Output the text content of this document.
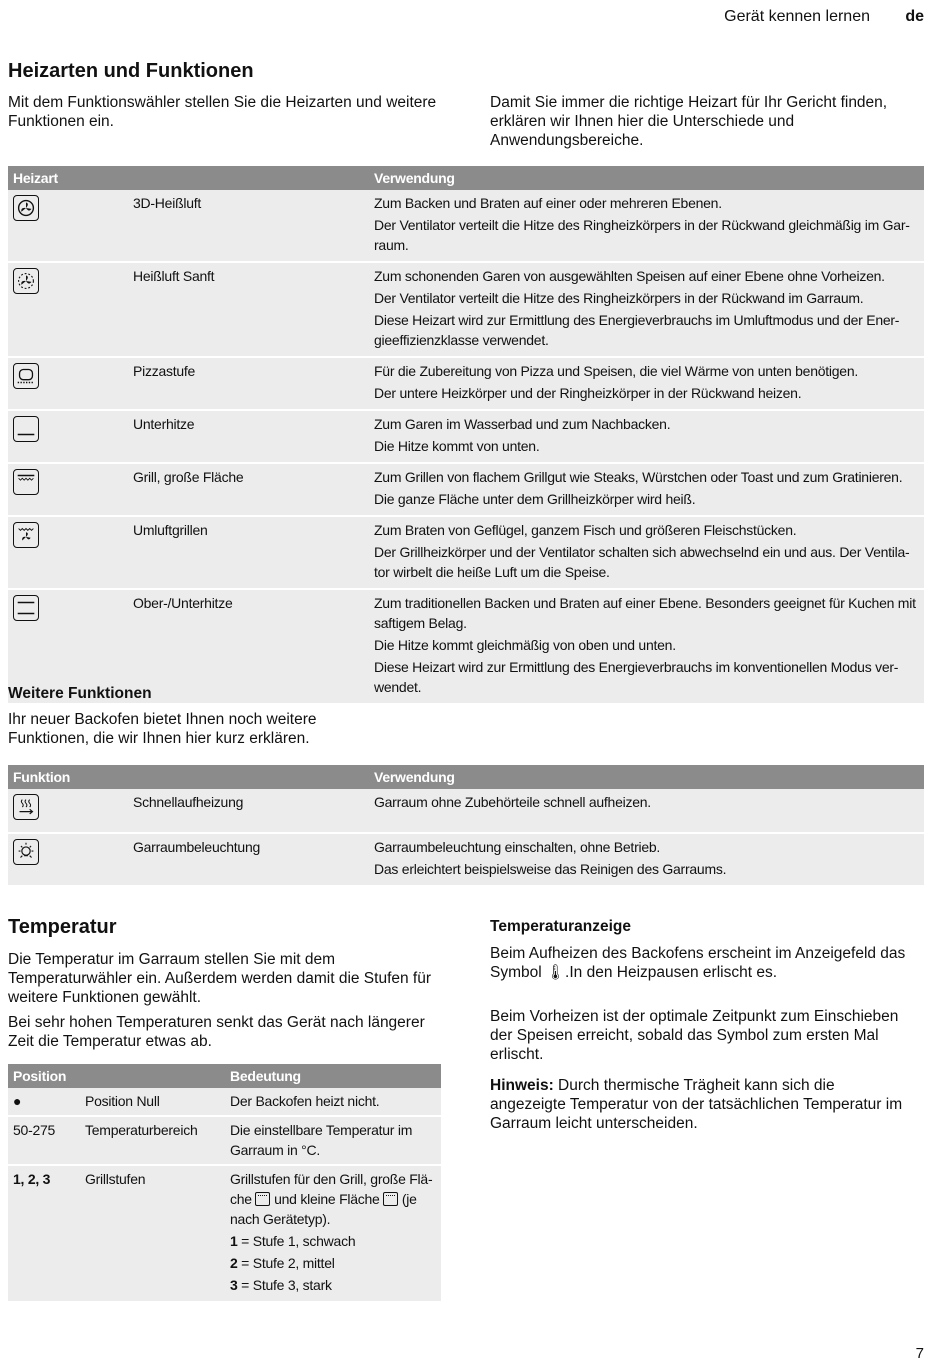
Gerät kennen lernen de
Heizarten und Funktionen

Mit dem Funktionswähler stellen Sie die Heizarten und weitere Funktionen ein.

Damit Sie immer die richtige Heizart für Ihr Gericht finden, erklären wir Ihnen hier die Unterschiede und Anwendungsbereiche.

Heizart		Verwendung

	3D-Heißluft	Zum Backen und Braten auf einer oder mehreren Ebenen.
Der Ventilator verteilt die Hitze des Ringheizkörpers in der Rückwand gleichmäßig im Gar-raum.

	Heißluft Sanft	Zum schonenden Garen von ausgewählten Speisen auf einer Ebene ohne Vorheizen.
Der Ventilator verteilt die Hitze des Ringheizkörpers in der Rückwand im Garraum.
Diese Heizart wird zur Ermittlung des Energieverbrauchs im Umluftmodus und der Ener-gieeffizienzklasse verwendet.

	Pizzastufe	Für die Zubereitung von Pizza und Speisen, die viel Wärme von unten benötigen.
Der untere Heizkörper und der Ringheizkörper in der Rückwand heizen.

	Unterhitze	Zum Garen im Wasserbad und zum Nachbacken.
Die Hitze kommt von unten.

	Grill, große Fläche	Zum Grillen von flachem Grillgut wie Steaks, Würstchen oder Toast und zum Gratinieren.
Die ganze Fläche unter dem Grillheizkörper wird heiß.

	Umluftgrillen	Zum Braten von Geflügel, ganzem Fisch und größeren Fleischstücken.
Der Grillheizkörper und der Ventilator schalten sich abwechselnd ein und aus. Der Ventila-tor wirbelt die heiße Luft um die Speise.

	Ober-/Unterhitze	Zum traditionellen Backen und Braten auf einer Ebene. Besonders geeignet für Kuchen mit saftigem Belag.
Die Hitze kommt gleichmäßig von oben und unten.
Diese Heizart wird zur Ermittlung des Energieverbrauchs im konventionellen Modus ver-wendet.
Weitere Funktionen

Ihr neuer Backofen bietet Ihnen noch weitere Funktionen, die wir Ihnen hier kurz erklären.

Funktion		Verwendung

	Schnellaufheizung	Garraum ohne Zubehörteile schnell aufheizen.

	Garraumbeleuchtung	Garraumbeleuchtung einschalten, ohne Betrieb.
Das erleichtert beispielsweise das Reinigen des Garraums.
Temperatur

Die Temperatur im Garraum stellen Sie mit dem Temperaturwähler ein. Außerdem werden damit die Stufen für weitere Funktionen gewählt.

Bei sehr hohen Temperaturen senkt das Gerät nach längerer Zeit die Temperatur etwas ab.

Position		Bedeutung
●	Position Null	Der Backofen heizt nicht.
50-275	Temperaturbereich	Die einstellbare Temperatur im Garraum in °C.
1, 2, 3	Grillstufen	Grillstufen für den Grill, große Flä-che und kleine Fläche (je nach Gerätetyp).
1 = Stufe 1, schwach
2 = Stufe 2, mittel
3 = Stufe 3, stark
Temperaturanzeige

Beim Aufheizen des Backofens erscheint im Anzeigefeld das Symbol 🌡︎.In den Heizpausen erlischt es.

Beim Vorheizen ist der optimale Zeitpunkt zum Einschieben der Speisen erreicht, sobald das Symbol zum ersten Mal erlischt.

Hinweis: Durch thermische Trägheit kann sich die angezeigte Temperatur von der tatsächlichen Temperatur im Garraum leicht unterscheiden.

7
